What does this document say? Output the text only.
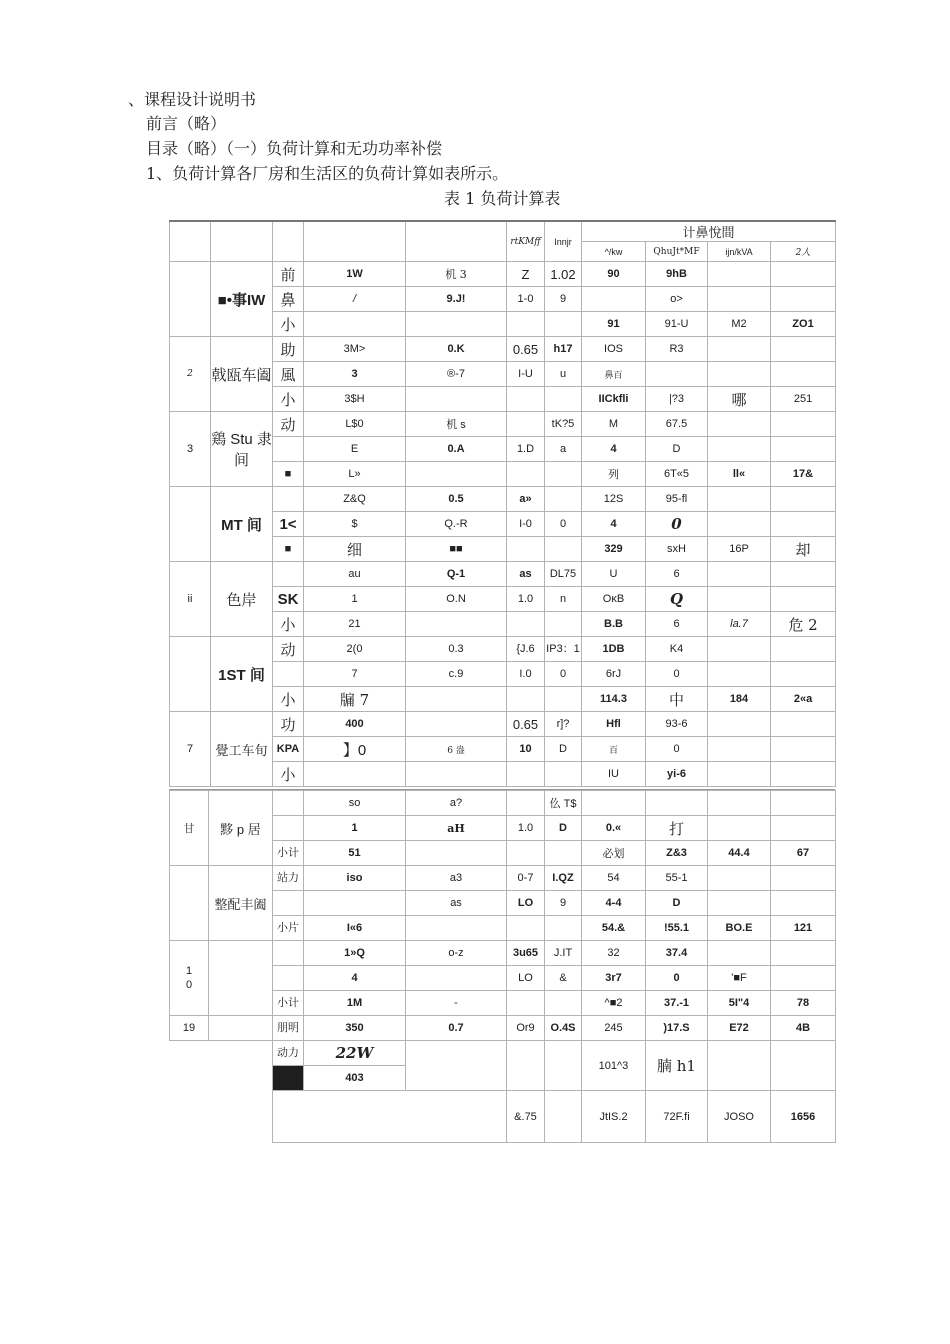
、课程设计说明书
前言（略）
目录（略）（一）负荷计算和无功功率补偿
1、负荷计算各厂房和生活区的负荷计算如表所示。
表 1 负荷计算表
					rtKMff	Innjr	计鼻悅間			
							^/kw	QhuJt*MF	ijn/kVA	2人
	■•事IW	前	1W	机 3	Z	1.02	90	9hB		
		鼻	/	9.J!	1-0	9		o>		
		小					91	91-U	M2	ZO1
2	戟瓯车阖	助	3M>	0.K	0.65	h17	IOS	R3		
		風	3	®-7	I-U	u	鼻百			
		小	3$H				IICkfli	|?3	哪	251
3	鶏 Stu 隶间	动	L$0	机 s		tK?5	M	67.5		
			E	0.A	1.D	a	4	D		
		■	L»				列	6T«5	ll«	17&
	MT 间		Z&Q	0.5	a»		12S	95-fl		
		1<	$	Q.-R	I-0	0	4	0		
		■	细	■■			329	sxH	16P	却
ii	色岸		au	Q-1	as	DL75	U	6		
		SK	1	O.N	1.0	n	OκB	Q		
		小	21				B.B	6	la.7	危 2
	1ST 间	动	2(0	0.3	{J.6	IP3：1	1DB	K4		
			7	c.9	I.0	0	6rJ	0		
		小	牖 7				114.3	中	184	2«a
7	覺工车旬	功	400		0.65	r]?	Hfl	93-6		
		KPA	】0	6 盎	10	D	百	0		
		小					IU	yi-6		
甘	黟 p 居		so	a?		仫 T$				
			1	aH	1.0	D	0.«	打		
		小计	51				必划	Z&3	44.4	67
	整配丰阖	站力	iso	a3	0-7	I.QZ	54	55-1		
				as	LO	9	4-4	D		
		小片	I«6				54.&	!55.1	BO.E	121
1
0			1»Q	o-z	3u65	J.IT	32	37.4		
			4		LO	&	3r7	0	'■F	
		小计	1M	-			^■2	37.-1	5I"4	78
19		朋明	350	0.7	Or9	O.4S	245	)17.S	E72	4B
		动力	22W				101^3	腩 h1		
			403							
					&.75		JtIS.2	72F.fi	JOSO	1656
